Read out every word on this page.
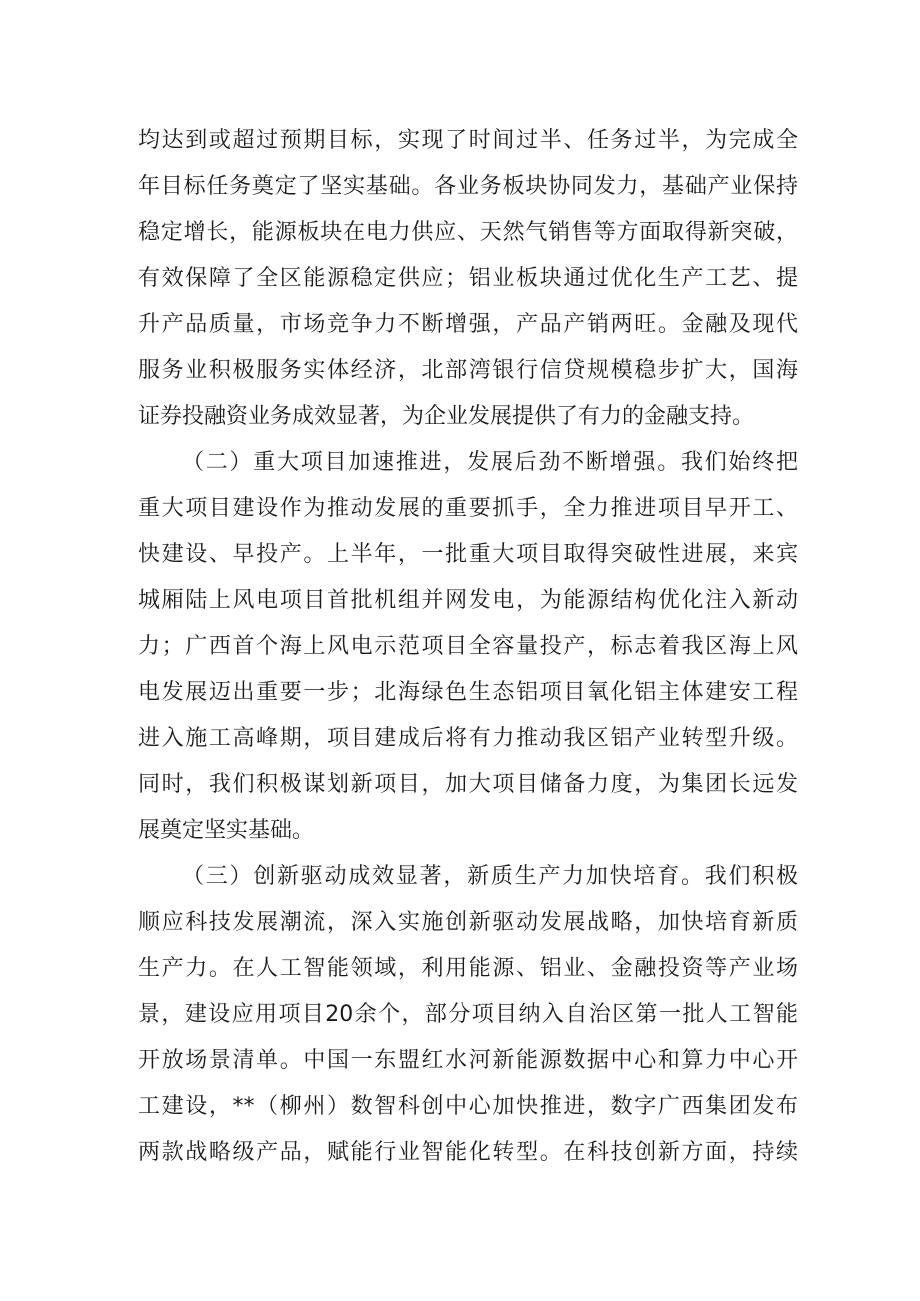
均达到或超过预期目标，实现了时间过半、任务过半，为完成全
年目标任务奠定了坚实基础。各业务板块协同发力，基础产业保持
稳定增长，能源板块在电力供应、天然气销售等方面取得新突破，
有效保障了全区能源稳定供应；铝业板块通过优化生产工艺、提
升产品质量，市场竞争力不断增强，产品产销两旺。金融及现代
服务业积极服务实体经济，北部湾银行信贷规模稳步扩大，国海
证券投融资业务成效显著，为企业发展提供了有力的金融支持。
（二）重大项目加速推进，发展后劲不断增强。我们始终把
重大项目建设作为推动发展的重要抓手，全力推进项目早开工、
快建设、早投产。上半年，一批重大项目取得突破性进展，来宾
城厢陆上风电项目首批机组并网发电，为能源结构优化注入新动
力；广西首个海上风电示范项目全容量投产，标志着我区海上风
电发展迈出重要一步；北海绿色生态铝项目氧化铝主体建安工程
进入施工高峰期，项目建成后将有力推动我区铝产业转型升级。
同时，我们积极谋划新项目，加大项目储备力度，为集团长远发
展奠定坚实基础。
（三）创新驱动成效显著，新质生产力加快培育。我们积极
顺应科技发展潮流，深入实施创新驱动发展战略，加快培育新质
生产力。在人工智能领域，利用能源、铝业、金融投资等产业场
景，建设应用项目20余个，部分项目纳入自治区第一批人工智能
开放场景清单。中国一东盟红水河新能源数据中心和算力中心开
工建设，**（柳州）数智科创中心加快推进，数字广西集团发布
两款战略级产品，赋能行业智能化转型。在科技创新方面，持续
